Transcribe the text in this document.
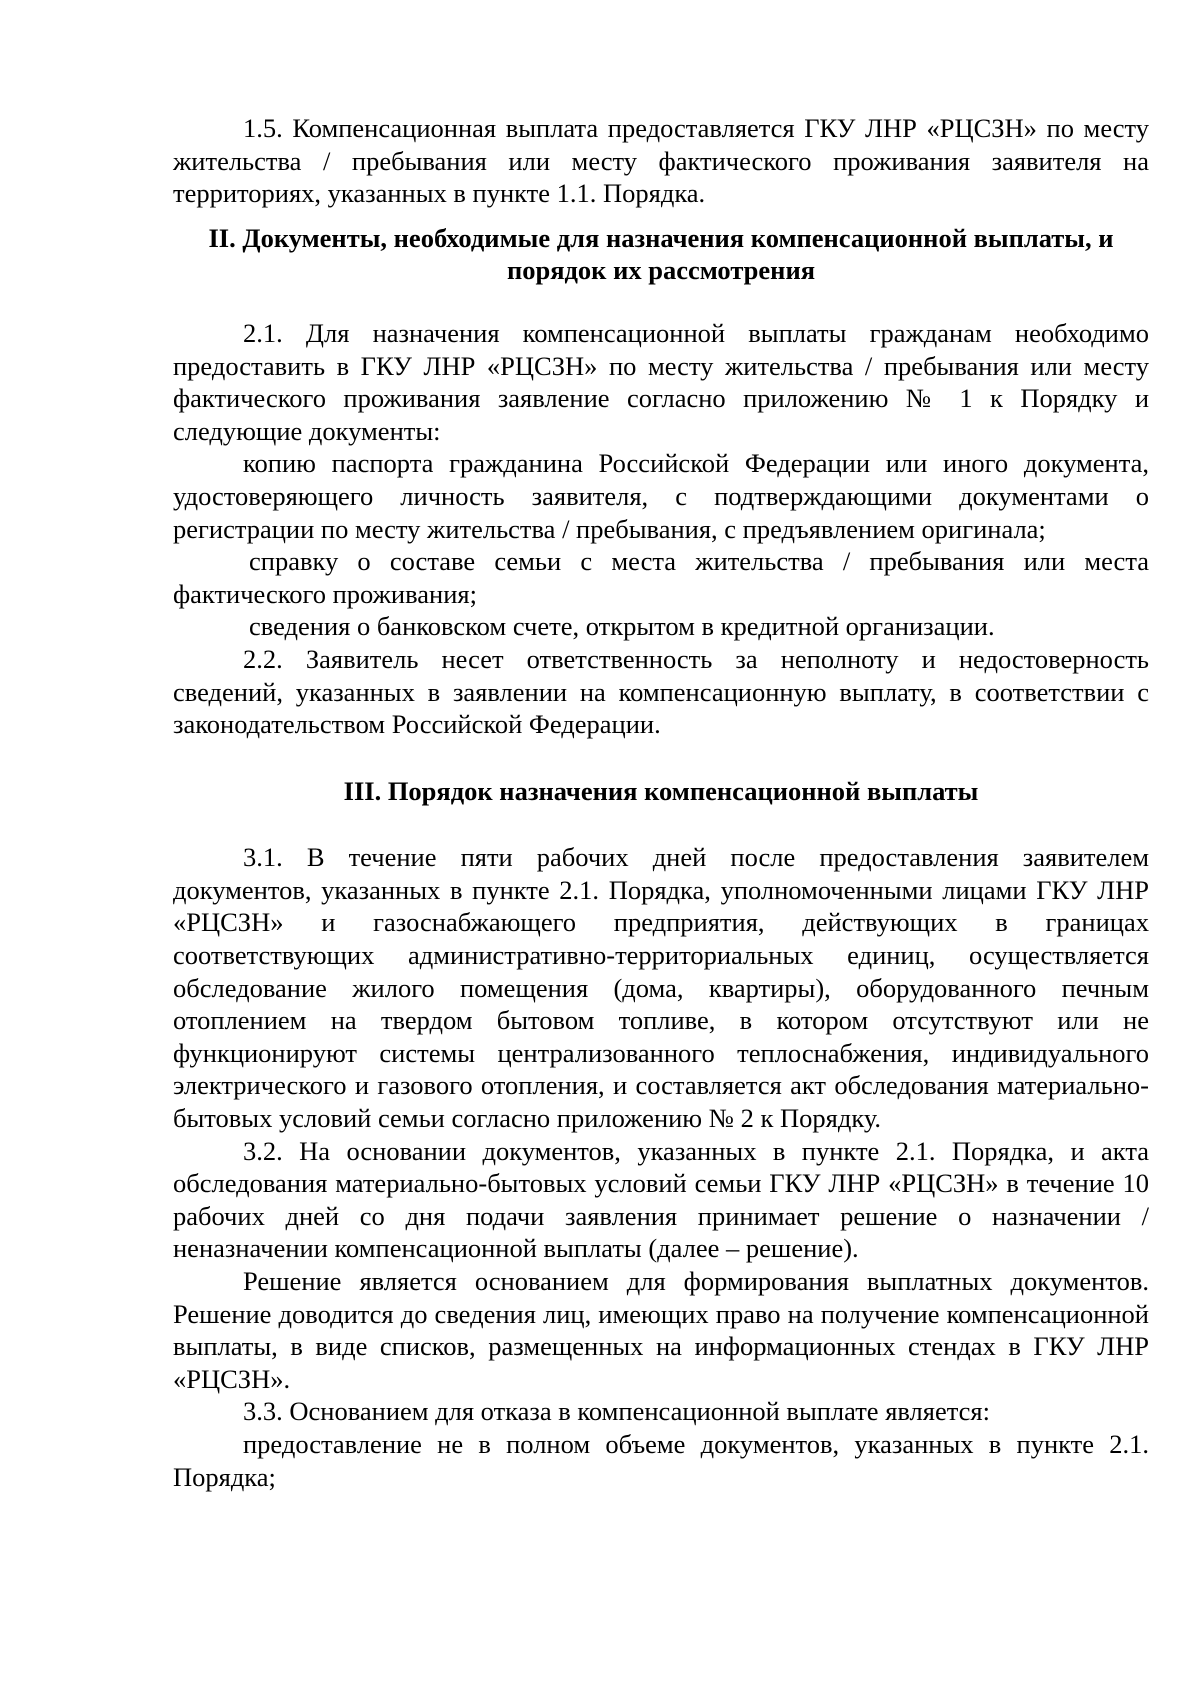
1.5. Компенсационная выплата предоставляется ГКУ ЛНР «РЦСЗН» по месту жительства / пребывания или месту фактического проживания заявителя на территориях, указанных в пункте 1.1. Порядка.

II. Документы, необходимые для назначения компенсационной выплаты, и порядок их рассмотрения

2.1. Для назначения компенсационной выплаты гражданам необходимо предоставить в ГКУ ЛНР «РЦСЗН» по месту жительства / пребывания или месту фактического проживания заявление согласно приложению № 1 к Порядку и следующие документы:

копию паспорта гражданина Российской Федерации или иного документа, удостоверяющего личность заявителя, с подтверждающими документами о регистрации по месту жительства / пребывания, с предъявлением оригинала;

справку о составе семьи с места жительства / пребывания или места фактического проживания;

сведения о банковском счете, открытом в кредитной организации.

2.2. Заявитель несет ответственность за неполноту и недостоверность сведений, указанных в заявлении на компенсационную выплату, в соответствии с законодательством Российской Федерации.

III. Порядок назначения компенсационной выплаты

3.1. В течение пяти рабочих дней после предоставления заявителем документов, указанных в пункте 2.1. Порядка, уполномоченными лицами ГКУ ЛНР «РЦСЗН» и газоснабжающего предприятия, действующих в границах соответствующих административно-территориальных единиц, осуществляется обследование жилого помещения (дома, квартиры), оборудованного печным отоплением на твердом бытовом топливе, в котором отсутствуют или не функционируют системы централизованного теплоснабжения, индивидуального электрического и газового отопления, и составляется акт обследования материально-бытовых условий семьи согласно приложению № 2 к Порядку.

3.2. На основании документов, указанных в пункте 2.1. Порядка, и акта обследования материально-бытовых условий семьи ГКУ ЛНР «РЦСЗН» в течение 10 рабочих дней со дня подачи заявления принимает решение о назначении / неназначении компенсационной выплаты (далее – решение).

Решение является основанием для формирования выплатных документов. Решение доводится до сведения лиц, имеющих право на получение компенсационной выплаты, в виде списков, размещенных на информационных стендах в ГКУ ЛНР «РЦСЗН».

3.3. Основанием для отказа в компенсационной выплате является:

предоставление не в полном объеме документов, указанных в пункте 2.1. Порядка;
